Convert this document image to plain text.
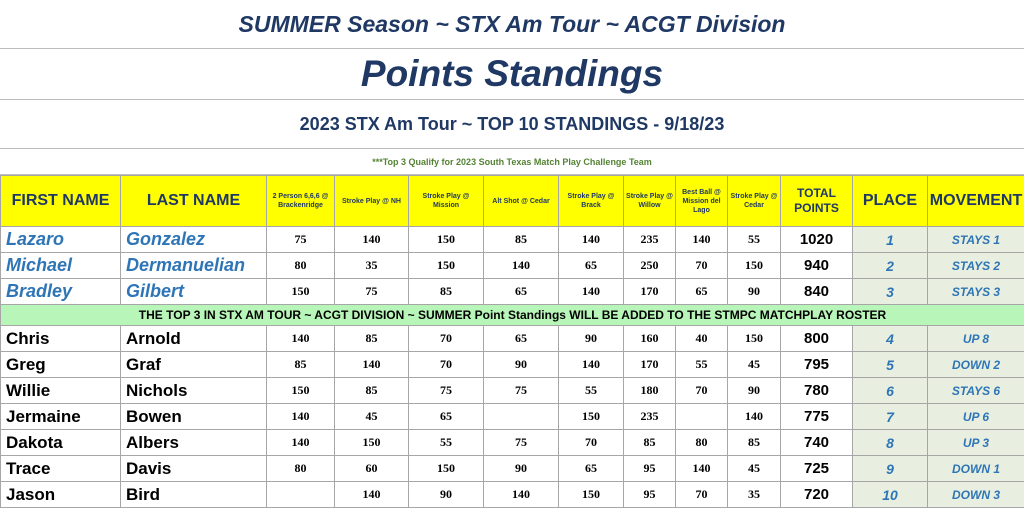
SUMMER Season ~ STX Am Tour ~ ACGT Division
Points Standings
2023 STX Am Tour ~ TOP 10 STANDINGS - 9/18/23
***Top 3 Qualify for 2023 South Texas Match Play Challenge Team
FIRST NAME	LAST NAME	2 Person 6,6,6 @ Brackenridge	Stroke Play @ NH	Stroke Play @ Mission	Alt Shot @ Cedar	Stroke Play @ Brack	Stroke Play @ Willow	Best Ball @ Mission del Lago	Stroke Play @ Cedar	TOTAL POINTS	PLACE	MOVEMENT
Lazaro	Gonzalez	75	140	150	85	140	235	140	55	1020	1	STAYS 1
Michael	Dermanuelian	80	35	150	140	65	250	70	150	940	2	STAYS 2
Bradley	Gilbert	150	75	85	65	140	170	65	90	840	3	STAYS 3
THE TOP 3 IN STX AM TOUR ~ ACGT DIVISION ~ SUMMER Point Standings WILL BE ADDED TO THE STMPC MATCHPLAY ROSTER												
Chris	Arnold	140	85	70	65	90	160	40	150	800	4	UP 8
Greg	Graf	85	140	70	90	140	170	55	45	795	5	DOWN 2
Willie	Nichols	150	85	75	75	55	180	70	90	780	6	STAYS 6
Jermaine	Bowen	140	45	65		150	235		140	775	7	UP 6
Dakota	Albers	140	150	55	75	70	85	80	85	740	8	UP 3
Trace	Davis	80	60	150	90	65	95	140	45	725	9	DOWN 1
Jason	Bird		140	90	140	150	95	70	35	720	10	DOWN 3
